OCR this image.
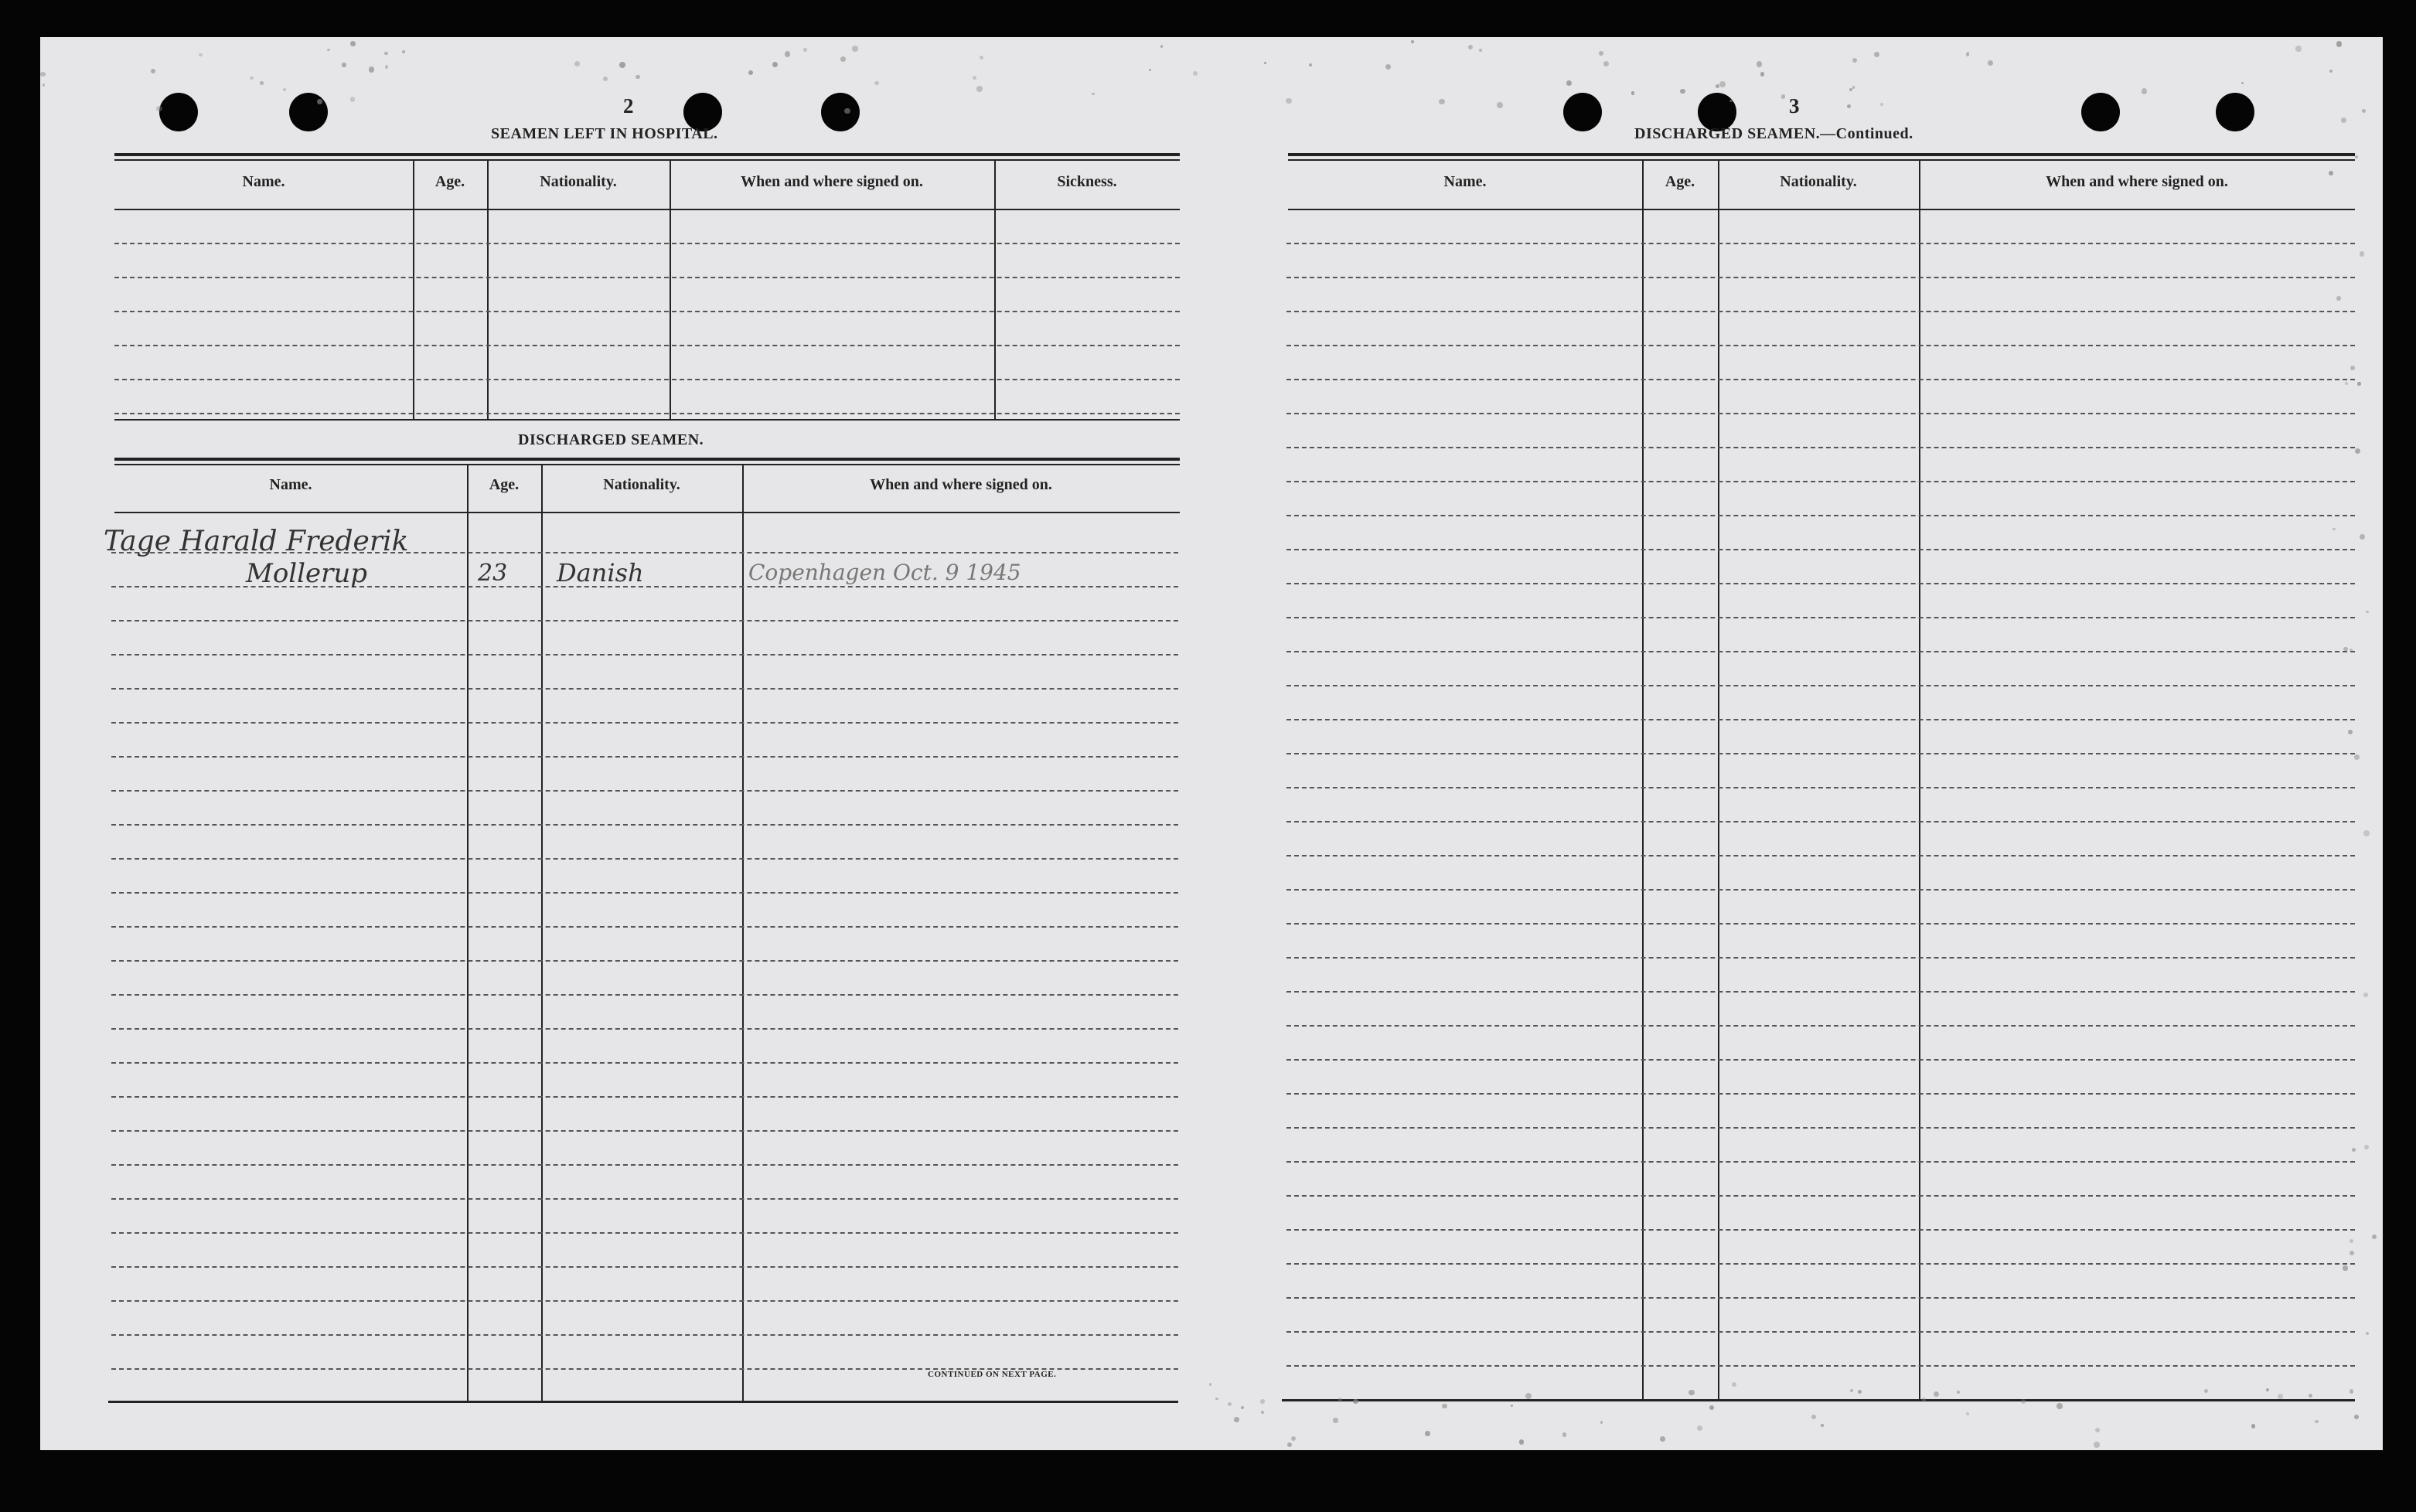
2
SEAMEN LEFT IN HOSPITAL.
Name.	Age.	Nationality.	When and where signed on.	Sickness.
DISCHARGED SEAMEN.
Name.	Age.	Nationality.	When and where signed on.
Tage Harald Frederik
Mollerup	23 Danish	Copenhagen Oct. 9 1945
CONTINUED ON NEXT PAGE.
3
DISCHARGED SEAMEN.—Continued.
Name.	Age.	Nationality.	When and where signed on.
